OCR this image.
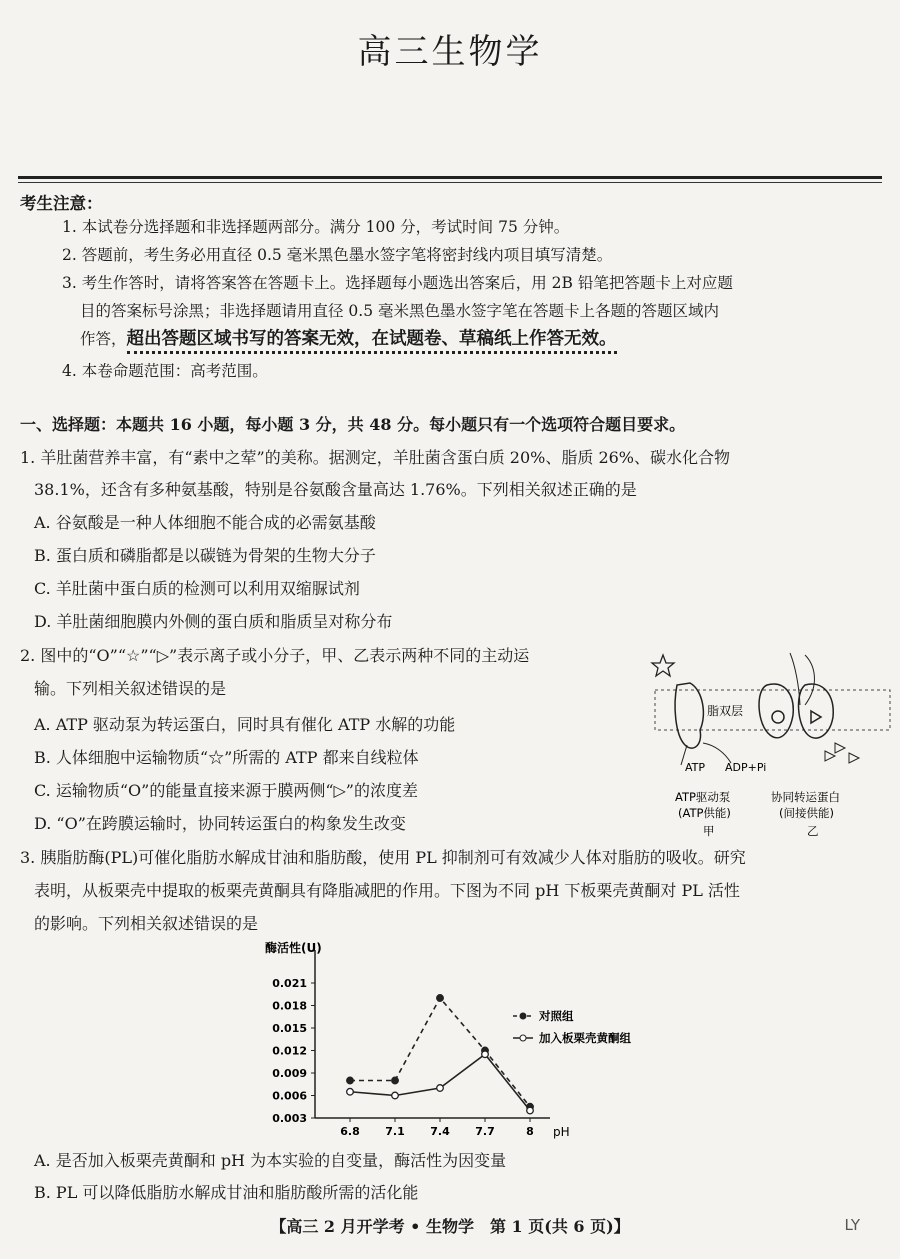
高三生物学
考生注意：
1. 本试卷分选择题和非选择题两部分。满分 100 分，考试时间 75 分钟。
2. 答题前，考生务必用直径 0.5 毫米黑色墨水签字笔将密封线内项目填写清楚。
3. 考生作答时，请将答案答在答题卡上。选择题每小题选出答案后，用 2B 铅笔把答题卡上对应题
目的答案标号涂黑；非选择题请用直径 0.5 毫米黑色墨水签字笔在答题卡上各题的答题区域内
作答，超出答题区域书写的答案无效，在试题卷、草稿纸上作答无效。
4. 本卷命题范围：高考范围。
一、选择题：本题共 16 小题，每小题 3 分，共 48 分。每小题只有一个选项符合题目要求。
1. 羊肚菌营养丰富，有“素中之荤”的美称。据测定，羊肚菌含蛋白质 20%、脂质 26%、碳水化合物
38.1%，还含有多种氨基酸，特别是谷氨酸含量高达 1.76%。下列相关叙述正确的是
A. 谷氨酸是一种人体细胞不能合成的必需氨基酸
B. 蛋白质和磷脂都是以碳链为骨架的生物大分子
C. 羊肚菌中蛋白质的检测可以利用双缩脲试剂
D. 羊肚菌细胞膜内外侧的蛋白质和脂质呈对称分布
2. 图中的“O”“☆”“▷”表示离子或小分子，甲、乙表示两种不同的主动运
输。下列相关叙述错误的是
A. ATP 驱动泵为转运蛋白，同时具有催化 ATP 水解的功能
B. 人体细胞中运输物质“☆”所需的 ATP 都来自线粒体
C. 运输物质“O”的能量直接来源于膜两侧“▷”的浓度差
D. “O”在跨膜运输时，协同转运蛋白的构象发生改变
脂双层
ATP ADP+Pi
ATP驱动泵
(ATP供能)
甲
协同转运蛋白
(间接供能)
乙
3. 胰脂肪酶(PL)可催化脂肪水解成甘油和脂肪酸，使用 PL 抑制剂可有效减少人体对脂肪的吸收。研究
表明，从板栗壳中提取的板栗壳黄酮具有降脂减肥的作用。下图为不同 pH 下板栗壳黄酮对 PL 活性
的影响。下列相关叙述错误的是
酶活性(U)
pH
0.003
0.006
0.009
0.012
0.015
0.018
0.021
6.8 7.1 7.4 7.7	8
对照组
加入板栗壳黄酮组
A. 是否加入板栗壳黄酮和 pH 为本实验的自变量，酶活性为因变量
B. PL 可以降低脂肪水解成甘油和脂肪酸所需的活化能
【高三 2 月开学考 • 生物学　第 1 页(共 6 页)】	LY
